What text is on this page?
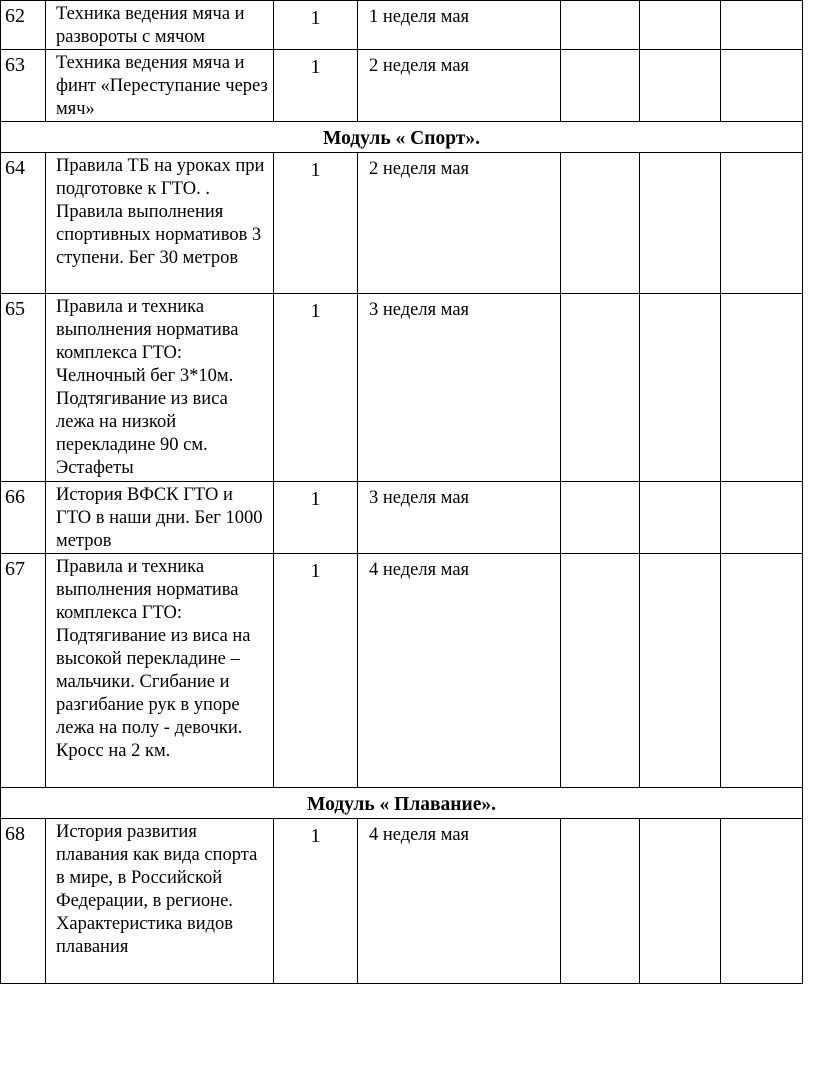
62	Техника ведения мяча и развороты с мячом	1	1 неделя мая			
63	Техника ведения мяча и финт «Переступание через мяч»	1	2 неделя мая			
Модуль « Спорт».						
64	Правила ТБ на уроках при подготовке к ГТО. . Правила выполнения спортивных нормативов 3 ступени. Бег 30 метров	1	2 неделя мая			
65	Правила и техника выполнения норматива комплекса ГТО: Челночный бег 3*10м. Подтягивание из виса лежа на низкой перекладине 90 см. Эстафеты	1	3 неделя мая			
66	История ВФСК ГТО и ГТО в наши дни. Бег 1000 метров	1	3 неделя мая			
67	Правила и техника выполнения норматива комплекса ГТО: Подтягивание из виса на высокой перекладине – мальчики. Сгибание и разгибание рук в упоре лежа на полу - девочки. Кросс на 2 км.	1	4 неделя мая			
Модуль « Плавание».						
68	История развития плавания как вида спорта в мире, в Российской Федерации, в регионе. Характеристика видов плавания	1	4 неделя мая			
